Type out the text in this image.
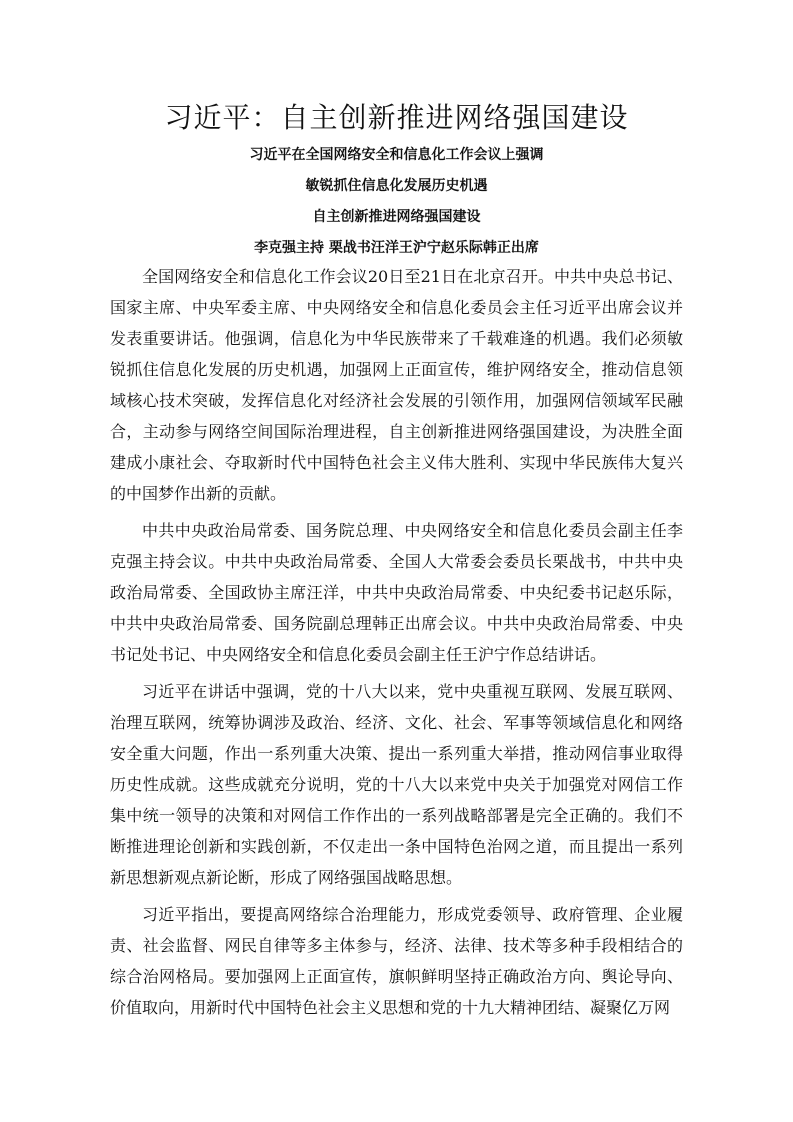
习近平：自主创新推进网络强国建设
习近平在全国网络安全和信息化工作会议上强调
敏锐抓住信息化发展历史机遇
自主创新推进网络强国建设
李克强主持 栗战书汪洋王沪宁赵乐际韩正出席

全国网络安全和信息化工作会议20日至21日在北京召开。中共中央总书记、国家主席、中央军委主席、中央网络安全和信息化委员会主任习近平出席会议并发表重要讲话。他强调，信息化为中华民族带来了千载难逢的机遇。我们必须敏锐抓住信息化发展的历史机遇，加强网上正面宣传，维护网络安全，推动信息领域核心技术突破，发挥信息化对经济社会发展的引领作用，加强网信领域军民融合，主动参与网络空间国际治理进程，自主创新推进网络强国建设，为决胜全面建成小康社会、夺取新时代中国特色社会主义伟大胜利、实现中华民族伟大复兴的中国梦作出新的贡献。

中共中央政治局常委、国务院总理、中央网络安全和信息化委员会副主任李克强主持会议。中共中央政治局常委、全国人大常委会委员长栗战书，中共中央政治局常委、全国政协主席汪洋，中共中央政治局常委、中央纪委书记赵乐际，中共中央政治局常委、国务院副总理韩正出席会议。中共中央政治局常委、中央书记处书记、中央网络安全和信息化委员会副主任王沪宁作总结讲话。

习近平在讲话中强调，党的十八大以来，党中央重视互联网、发展互联网、治理互联网，统筹协调涉及政治、经济、文化、社会、军事等领域信息化和网络安全重大问题，作出一系列重大决策、提出一系列重大举措，推动网信事业取得历史性成就。这些成就充分说明，党的十八大以来党中央关于加强党对网信工作集中统一领导的决策和对网信工作作出的一系列战略部署是完全正确的。我们不断推进理论创新和实践创新，不仅走出一条中国特色治网之道，而且提出一系列新思想新观点新论断，形成了网络强国战略思想。

习近平指出，要提高网络综合治理能力，形成党委领导、政府管理、企业履责、社会监督、网民自律等多主体参与，经济、法律、技术等多种手段相结合的综合治网格局。要加强网上正面宣传，旗帜鲜明坚持正确政治方向、舆论导向、价值取向，用新时代中国特色社会主义思想和党的十九大精神团结、凝聚亿万网
